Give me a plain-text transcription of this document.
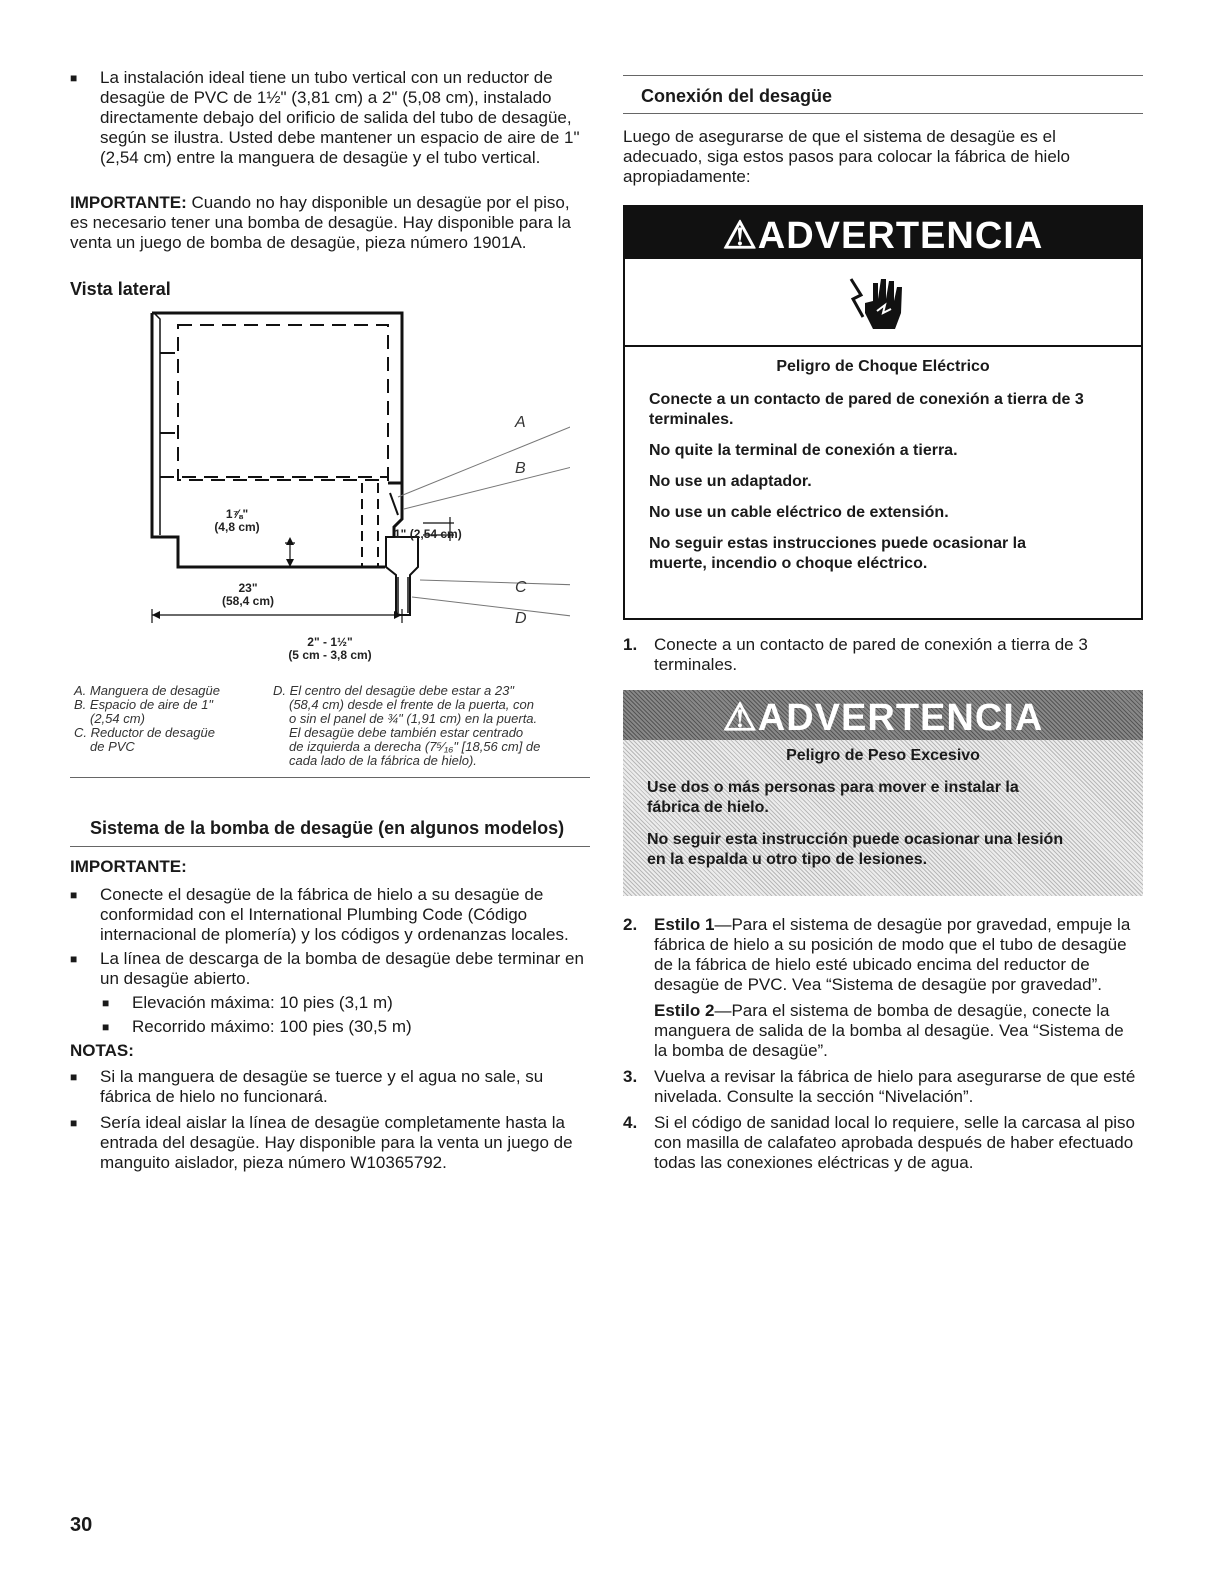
■ La instalación ideal tiene un tubo vertical con un reductor de desagüe de PVC de 1½" (3,81 cm) a 2" (5,08 cm), instalado directamente debajo del orificio de salida del tubo de desagüe, según se ilustra. Usted debe mantener un espacio de aire de 1" (2,54 cm) entre la manguera de desagüe y el tubo vertical.

IMPORTANTE: Cuando no hay disponible un desagüe por el piso, es necesario tener una bomba de desagüe. Hay disponible para la venta un juego de bomba de desagüe, pieza número 1901A.

Vista lateral

A
B
C
D
1⅞"
(4,8 cm)	1" (2,54 cm)
23"
(58,4 cm)
2" - 1½"
(5 cm - 3,8 cm)
A. Manguera de desagüe
B. Espacio de aire de 1"
(2,54 cm)
C. Reductor de desagüe
de PVC
D. El centro del desagüe debe estar a 23"
(58,4 cm) desde el frente de la puerta, con
o sin el panel de ¾" (1,91 cm) en la puerta.
El desagüe debe también estar centrado
de izquierda a derecha (7⁵⁄₁₆" [18,56 cm] de
cada lado de la fábrica de hielo).

Sistema de la bomba de desagüe (en algunos modelos)

IMPORTANTE:

■ Conecte el desagüe de la fábrica de hielo a su desagüe de conformidad con el International Plumbing Code (Código internacional de plomería) y los códigos y ordenanzas locales.

■ La línea de descarga de la bomba de desagüe debe terminar en un desagüe abierto.

■ Elevación máxima: 10 pies (3,1 m)

■ Recorrido máximo: 100 pies (30,5 m)

NOTAS:

■ Si la manguera de desagüe se tuerce y el agua no sale, su fábrica de hielo no funcionará.

■ Sería ideal aislar la línea de desagüe completamente hasta la entrada del desagüe. Hay disponible para la venta un juego de manguito aislador, pieza número W10365792.

Conexión del desagüe

Luego de asegurarse de que el sistema de desagüe es el adecuado, siga estos pasos para colocar la fábrica de hielo apropiadamente:

⚠ADVERTENCIA

Peligro de Choque Eléctrico

Conecte a un contacto de pared de conexión a tierra de 3 terminales.

No quite la terminal de conexión a tierra.

No use un adaptador.

No use un cable eléctrico de extensión.

No seguir estas instrucciones puede ocasionar la muerte, incendio o choque eléctrico.

1. Conecte a un contacto de pared de conexión a tierra de 3 terminales.

⚠ADVERTENCIA

Peligro de Peso Excesivo

Use dos o más personas para mover e instalar la fábrica de hielo.

No seguir esta instrucción puede ocasionar una lesión en la espalda u otro tipo de lesiones.

2. Estilo 1—Para el sistema de desagüe por gravedad, empuje la fábrica de hielo a su posición de modo que el tubo de desagüe de la fábrica de hielo esté ubicado encima del reductor de desagüe de PVC. Vea “Sistema de desagüe por gravedad”.

Estilo 2—Para el sistema de bomba de desagüe, conecte la manguera de salida de la bomba al desagüe. Vea “Sistema de la bomba de desagüe”.

3. Vuelva a revisar la fábrica de hielo para asegurarse de que esté nivelada. Consulte la sección “Nivelación”.

4. Si el código de sanidad local lo requiere, selle la carcasa al piso con masilla de calafateo aprobada después de haber efectuado todas las conexiones eléctricas y de agua.

30
